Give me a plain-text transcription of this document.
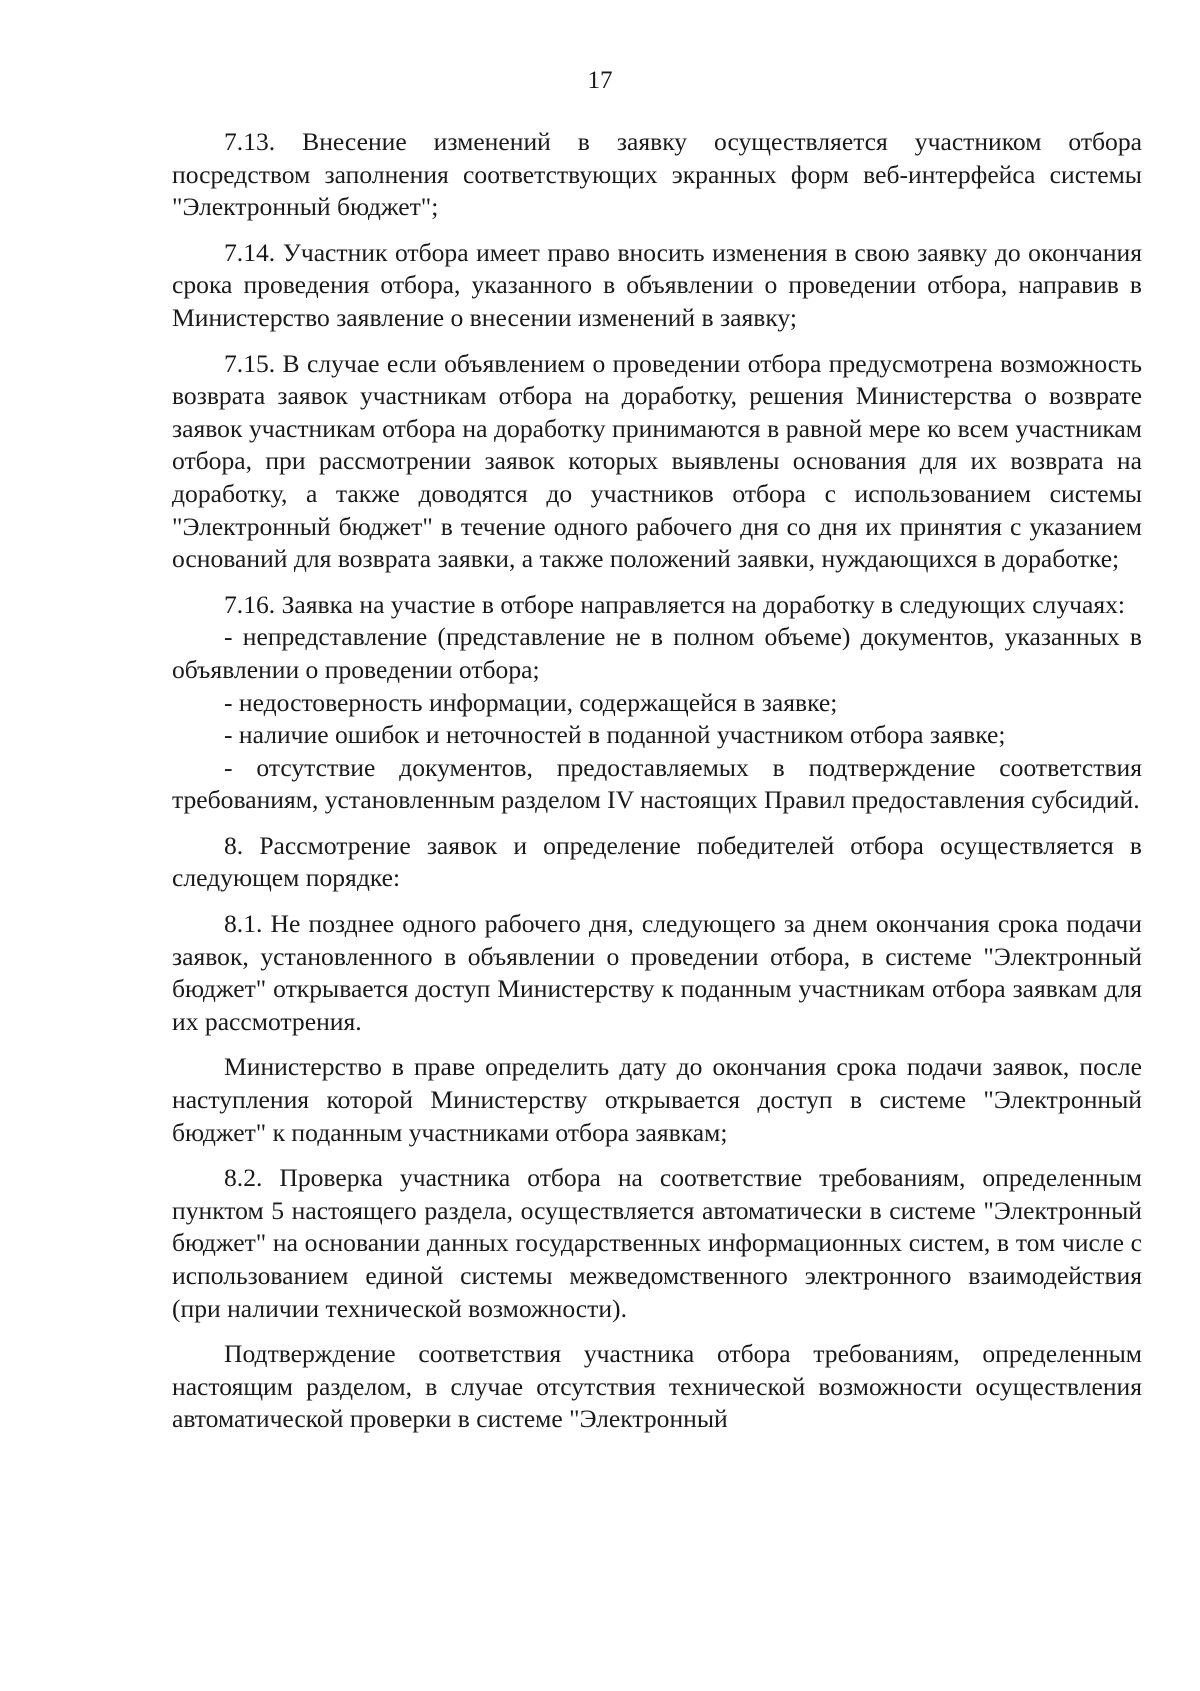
17

7.13. Внесение изменений в заявку осуществляется участником отбора посредством заполнения соответствующих экранных форм веб-интерфейса системы "Электронный бюджет";

7.14. Участник отбора имеет право вносить изменения в свою заявку до окончания срока проведения отбора, указанного в объявлении о проведении отбора, направив в Министерство заявление о внесении изменений в заявку;

7.15. В случае если объявлением о проведении отбора предусмотрена возможность возврата заявок участникам отбора на доработку, решения Министерства о возврате заявок участникам отбора на доработку принимаются в равной мере ко всем участникам отбора, при рассмотрении заявок которых выявлены основания для их возврата на доработку, а также доводятся до участников отбора с использованием системы "Электронный бюджет" в течение одного рабочего дня со дня их принятия с указанием оснований для возврата заявки, а также положений заявки, нуждающихся в доработке;

7.16. Заявка на участие в отборе направляется на доработку в следующих случаях:

- непредставление (представление не в полном объеме) документов, указанных в объявлении о проведении отбора;

- недостоверность информации, содержащейся в заявке;

- наличие ошибок и неточностей в поданной участником отбора заявке;

- отсутствие документов, предоставляемых в подтверждение соответствия требованиям, установленным разделом IV настоящих Правил предоставления субсидий.

8. Рассмотрение заявок и определение победителей отбора осуществляется в следующем порядке:

8.1. Не позднее одного рабочего дня, следующего за днем окончания срока подачи заявок, установленного в объявлении о проведении отбора, в системе "Электронный бюджет" открывается доступ Министерству к поданным участникам отбора заявкам для их рассмотрения.

Министерство в праве определить дату до окончания срока подачи заявок, после наступления которой Министерству открывается доступ в системе "Электронный бюджет" к поданным участниками отбора заявкам;

8.2. Проверка участника отбора на соответствие требованиям, определенным пунктом 5 настоящего раздела, осуществляется автоматически в системе "Электронный бюджет" на основании данных государственных информационных систем, в том числе с использованием единой системы межведомственного электронного взаимодействия (при наличии технической возможности).

Подтверждение соответствия участника отбора требованиям, определенным настоящим разделом, в случае отсутствия технической возможности осуществления автоматической проверки в системе "Электронный
